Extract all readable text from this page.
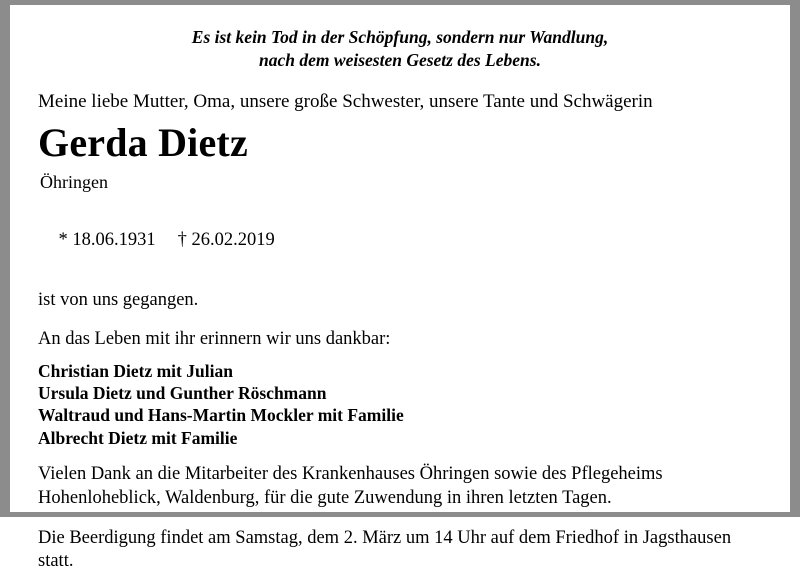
Es ist kein Tod in der Schöpfung, sondern nur Wandlung,
nach dem weisesten Gesetz des Lebens.
Meine liebe Mutter, Oma, unsere große Schwester, unsere Tante und Schwägerin
Gerda Dietz
Öhringen

* 18.06.1931 † 26.02.2019

ist von uns gegangen.
An das Leben mit ihr erinnern wir uns dankbar:
Christian Dietz mit Julian
Ursula Dietz und Gunther Röschmann
Waltraud und Hans-Martin Mockler mit Familie
Albrecht Dietz mit Familie
Vielen Dank an die Mitarbeiter des Krankenhauses Öhringen sowie des Pflegeheims Hohenloheblick, Waldenburg, für die gute Zuwendung in ihren letzten Tagen.
Die Beerdigung findet am Samstag, dem 2. März um 14 Uhr auf dem Friedhof in Jagsthausen statt.
